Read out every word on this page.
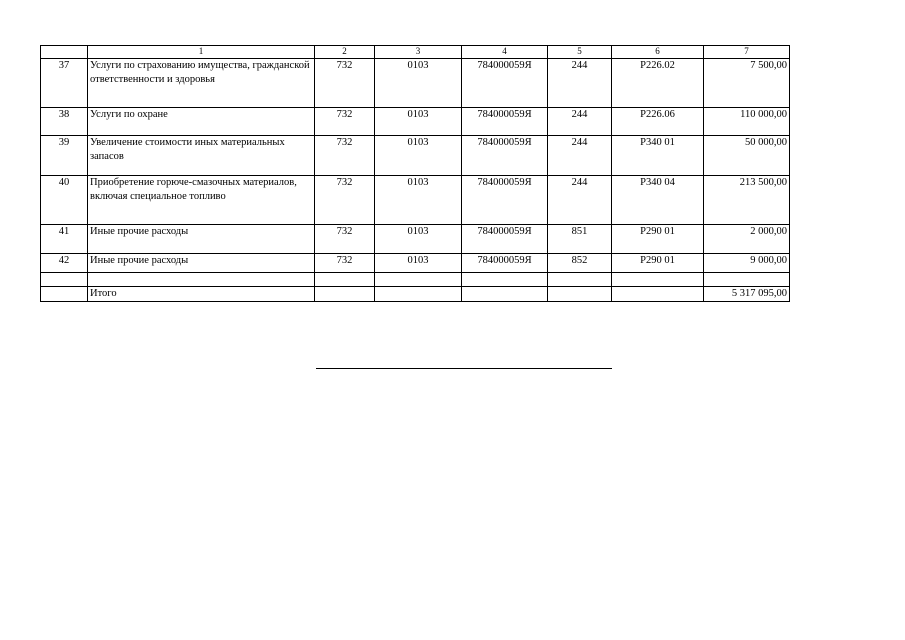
	1	2	3	4	5	6	7
37	Услуги по страхованию имущества, гражданской ответственности и здоровья	732	0103	784000059Я	244	Р226.02	7 500,00
38	Услуги по охране	732	0103	784000059Я	244	Р226.06	110 000,00
39	Увеличение стоимости иных материальных запасов	732	0103	784000059Я	244	Р340 01	50 000,00
40	Приобретение горюче-смазочных материалов, включая специальное топливо	732	0103	784000059Я	244	Р340 04	213 500,00
41	Иные прочие расходы	732	0103	784000059Я	851	Р290 01	2 000,00
42	Иные прочие расходы	732	0103	784000059Я	852	Р290 01	9 000,00

	Итого						5 317 095,00
